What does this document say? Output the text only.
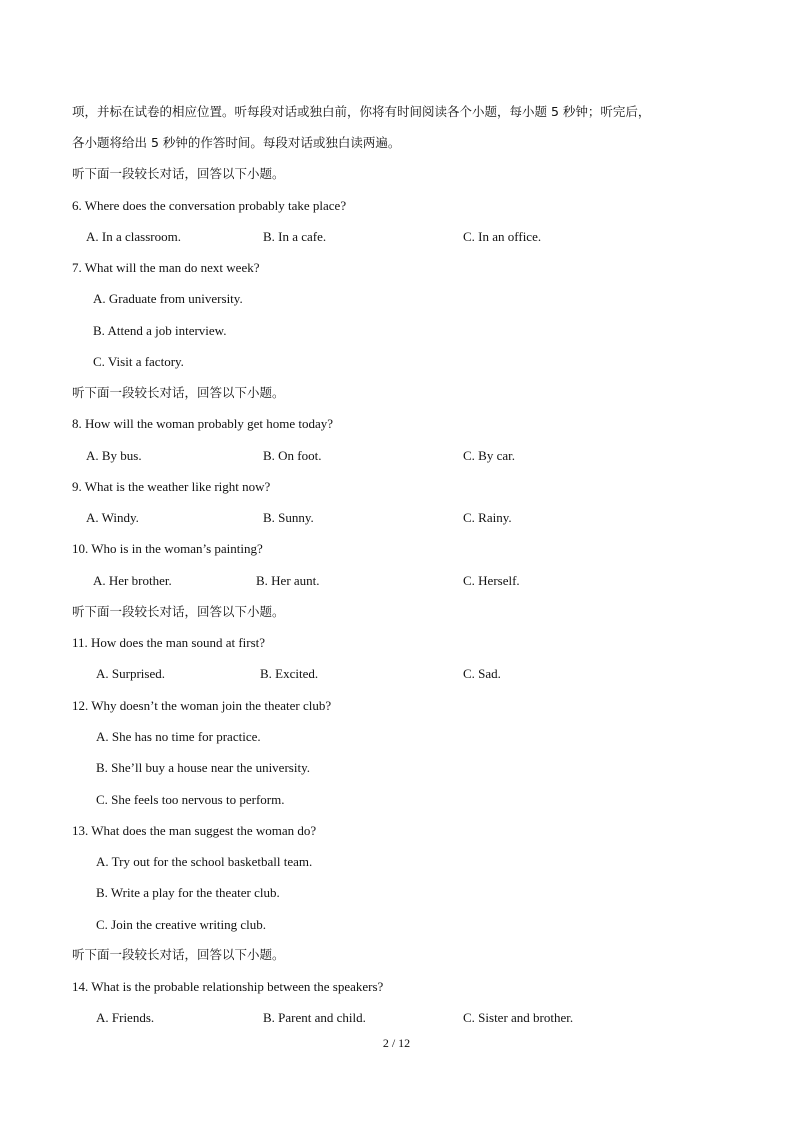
项，并标在试卷的相应位置。听每段对话或独白前，你将有时间阅读各个小题，每小题 5 秒钟；听完后，
各小题将给出 5 秒钟的作答时间。每段对话或独白读两遍。
听下面一段较长对话，回答以下小题。
6. Where does the conversation probably take place?
A. In a classroom.	B. In a cafe.	C. In an office.
7. What will the man do next week?
A. Graduate from university.
B. Attend a job interview.
C. Visit a factory.
听下面一段较长对话，回答以下小题。
8. How will the woman probably get home today?
A. By bus.	B. On foot.	C. By car.
9. What is the weather like right now?
A. Windy.	B. Sunny.	C. Rainy.
10. Who is in the woman’s painting?
A. Her brother.	B. Her aunt.	C. Herself.
听下面一段较长对话，回答以下小题。
11. How does the man sound at first?
A. Surprised.	B. Excited.	C. Sad.
12. Why doesn’t the woman join the theater club?
A. She has no time for practice.
B. She’ll buy a house near the university.
C. She feels too nervous to perform.
13. What does the man suggest the woman do?
A. Try out for the school basketball team.
B. Write a play for the theater club.
C. Join the creative writing club.
听下面一段较长对话，回答以下小题。
14. What is the probable relationship between the speakers?
A. Friends.	B. Parent and child.	C. Sister and brother.
2 / 12
